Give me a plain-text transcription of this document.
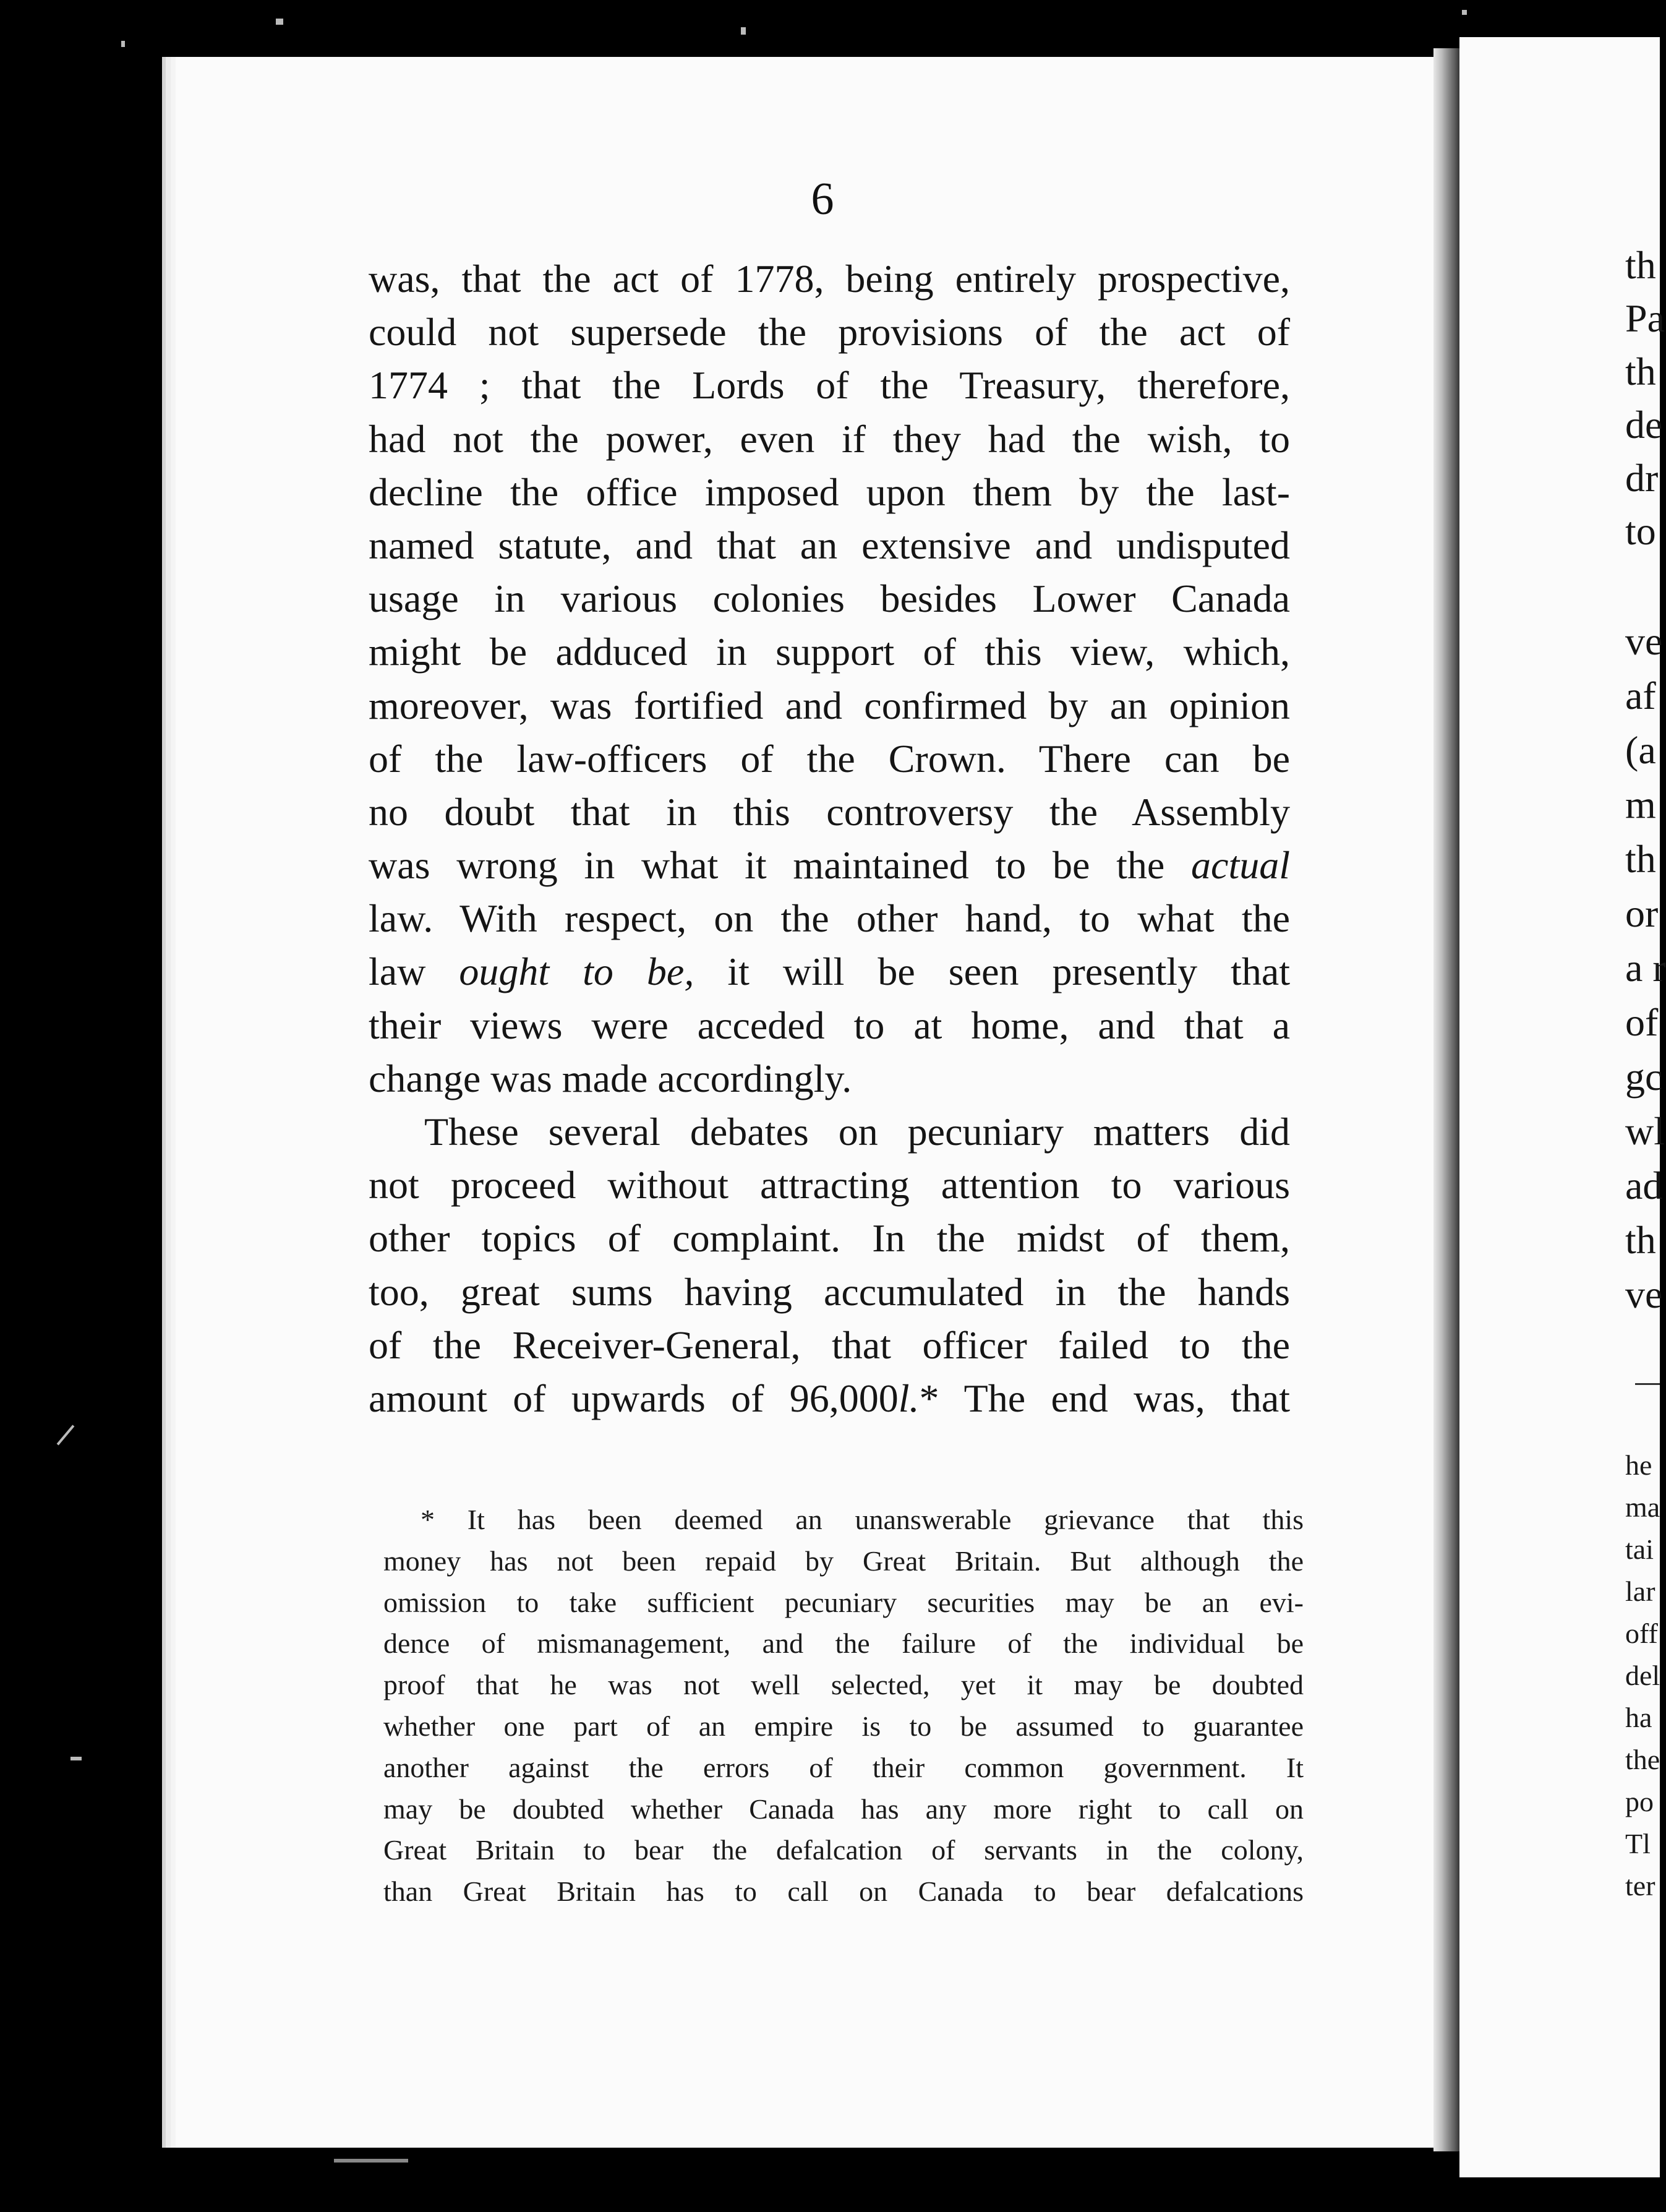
6
was, that the act of 1778, being entirely prospective,
could not supersede the provisions of the act of
1774 ; that the Lords of the Treasury, therefore,
had not the power, even if they had the wish, to
decline the office imposed upon them by the last-
named statute, and that an extensive and undisputed
usage in various colonies besides Lower Canada
might be adduced in support of this view, which,
moreover, was fortified and confirmed by an opinion
of the law-officers of the Crown. There can be
no doubt that in this controversy the Assembly
was wrong in what it maintained to be the actual
law. With respect, on the other hand, to what the
law ought to be, it will be seen presently that
their views were acceded to at home, and that a
change was made accordingly.
These several debates on pecuniary matters did
not proceed without attracting attention to various
other topics of complaint. In the midst of them,
too, great sums having accumulated in the hands
of the Receiver-General, that officer failed to the
amount of upwards of 96,000l.* The end was, that
* It has been deemed an unanswerable grievance that this
money has not been repaid by Great Britain. But although the
omission to take sufficient pecuniary securities may be an evi-
dence of mismanagement, and the failure of the individual be
proof that he was not well selected, yet it may be doubted
whether one part of an empire is to be assumed to guarantee
another against the errors of their common government. It
may be doubted whether Canada has any more right to call on
Great Britain to bear the defalcation of servants in the colony,
than Great Britain has to call on Canada to bear defalcations
th
Pa
th
de
dr
to
ve
af
(a
m
th
or
a r
of
gc
wl
ad
th
ve
he
ma
tai
lar
off
del
ha
the
po
Tl
ter
